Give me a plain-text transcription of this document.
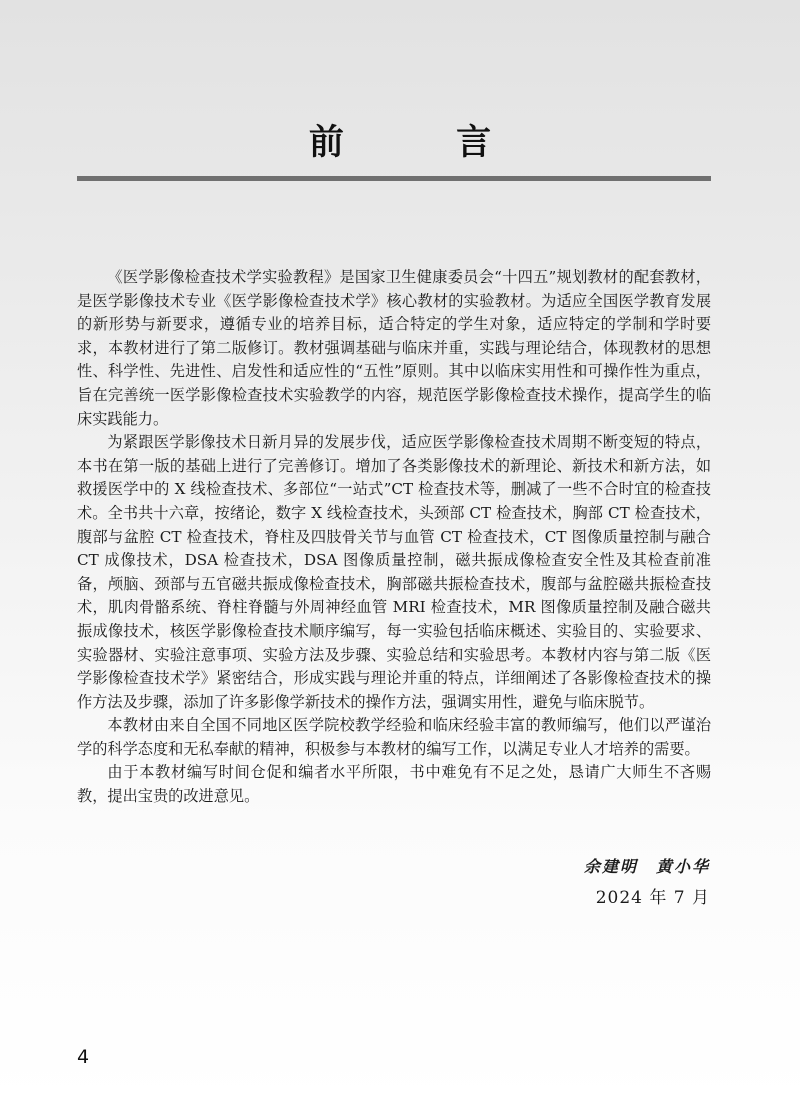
前 言

《医学影像检查技术学实验教程》是国家卫生健康委员会“十四五”规划教材的配套教材，是医学影像技术专业《医学影像检查技术学》核心教材的实验教材。为适应全国医学教育发展的新形势与新要求，遵循专业的培养目标，适合特定的学生对象，适应特定的学制和学时要求，本教材进行了第二版修订。教材强调基础与临床并重，实践与理论结合，体现教材的思想性、科学性、先进性、启发性和适应性的“五性”原则。其中以临床实用性和可操作性为重点，旨在完善统一医学影像检查技术实验教学的内容，规范医学影像检查技术操作，提高学生的临床实践能力。

为紧跟医学影像技术日新月异的发展步伐，适应医学影像检查技术周期不断变短的特点，本书在第一版的基础上进行了完善修订。增加了各类影像技术的新理论、新技术和新方法，如救援医学中的 X 线检查技术、多部位“一站式”CT 检查技术等，删减了一些不合时宜的检查技术。全书共十六章，按绪论，数字 X 线检查技术，头颈部 CT 检查技术，胸部 CT 检查技术，腹部与盆腔 CT 检查技术，脊柱及四肢骨关节与血管 CT 检查技术，CT 图像质量控制与融合 CT 成像技术，DSA 检查技术，DSA 图像质量控制，磁共振成像检查安全性及其检查前准备，颅脑、颈部与五官磁共振成像检查技术，胸部磁共振检查技术，腹部与盆腔磁共振检查技术，肌肉骨骼系统、脊柱脊髓与外周神经血管 MRI 检查技术，MR 图像质量控制及融合磁共振成像技术，核医学影像检查技术顺序编写，每一实验包括临床概述、实验目的、实验要求、实验器材、实验注意事项、实验方法及步骤、实验总结和实验思考。本教材内容与第二版《医学影像检查技术学》紧密结合，形成实践与理论并重的特点，详细阐述了各影像检查技术的操作方法及步骤，添加了许多影像学新技术的操作方法，强调实用性，避免与临床脱节。

本教材由来自全国不同地区医学院校教学经验和临床经验丰富的教师编写，他们以严谨治学的科学态度和无私奉献的精神，积极参与本教材的编写工作，以满足专业人才培养的需要。

由于本教材编写时间仓促和编者水平所限，书中难免有不足之处，恳请广大师生不吝赐教，提出宝贵的改进意见。

余建明　黄小华
2024 年 7 月
4
